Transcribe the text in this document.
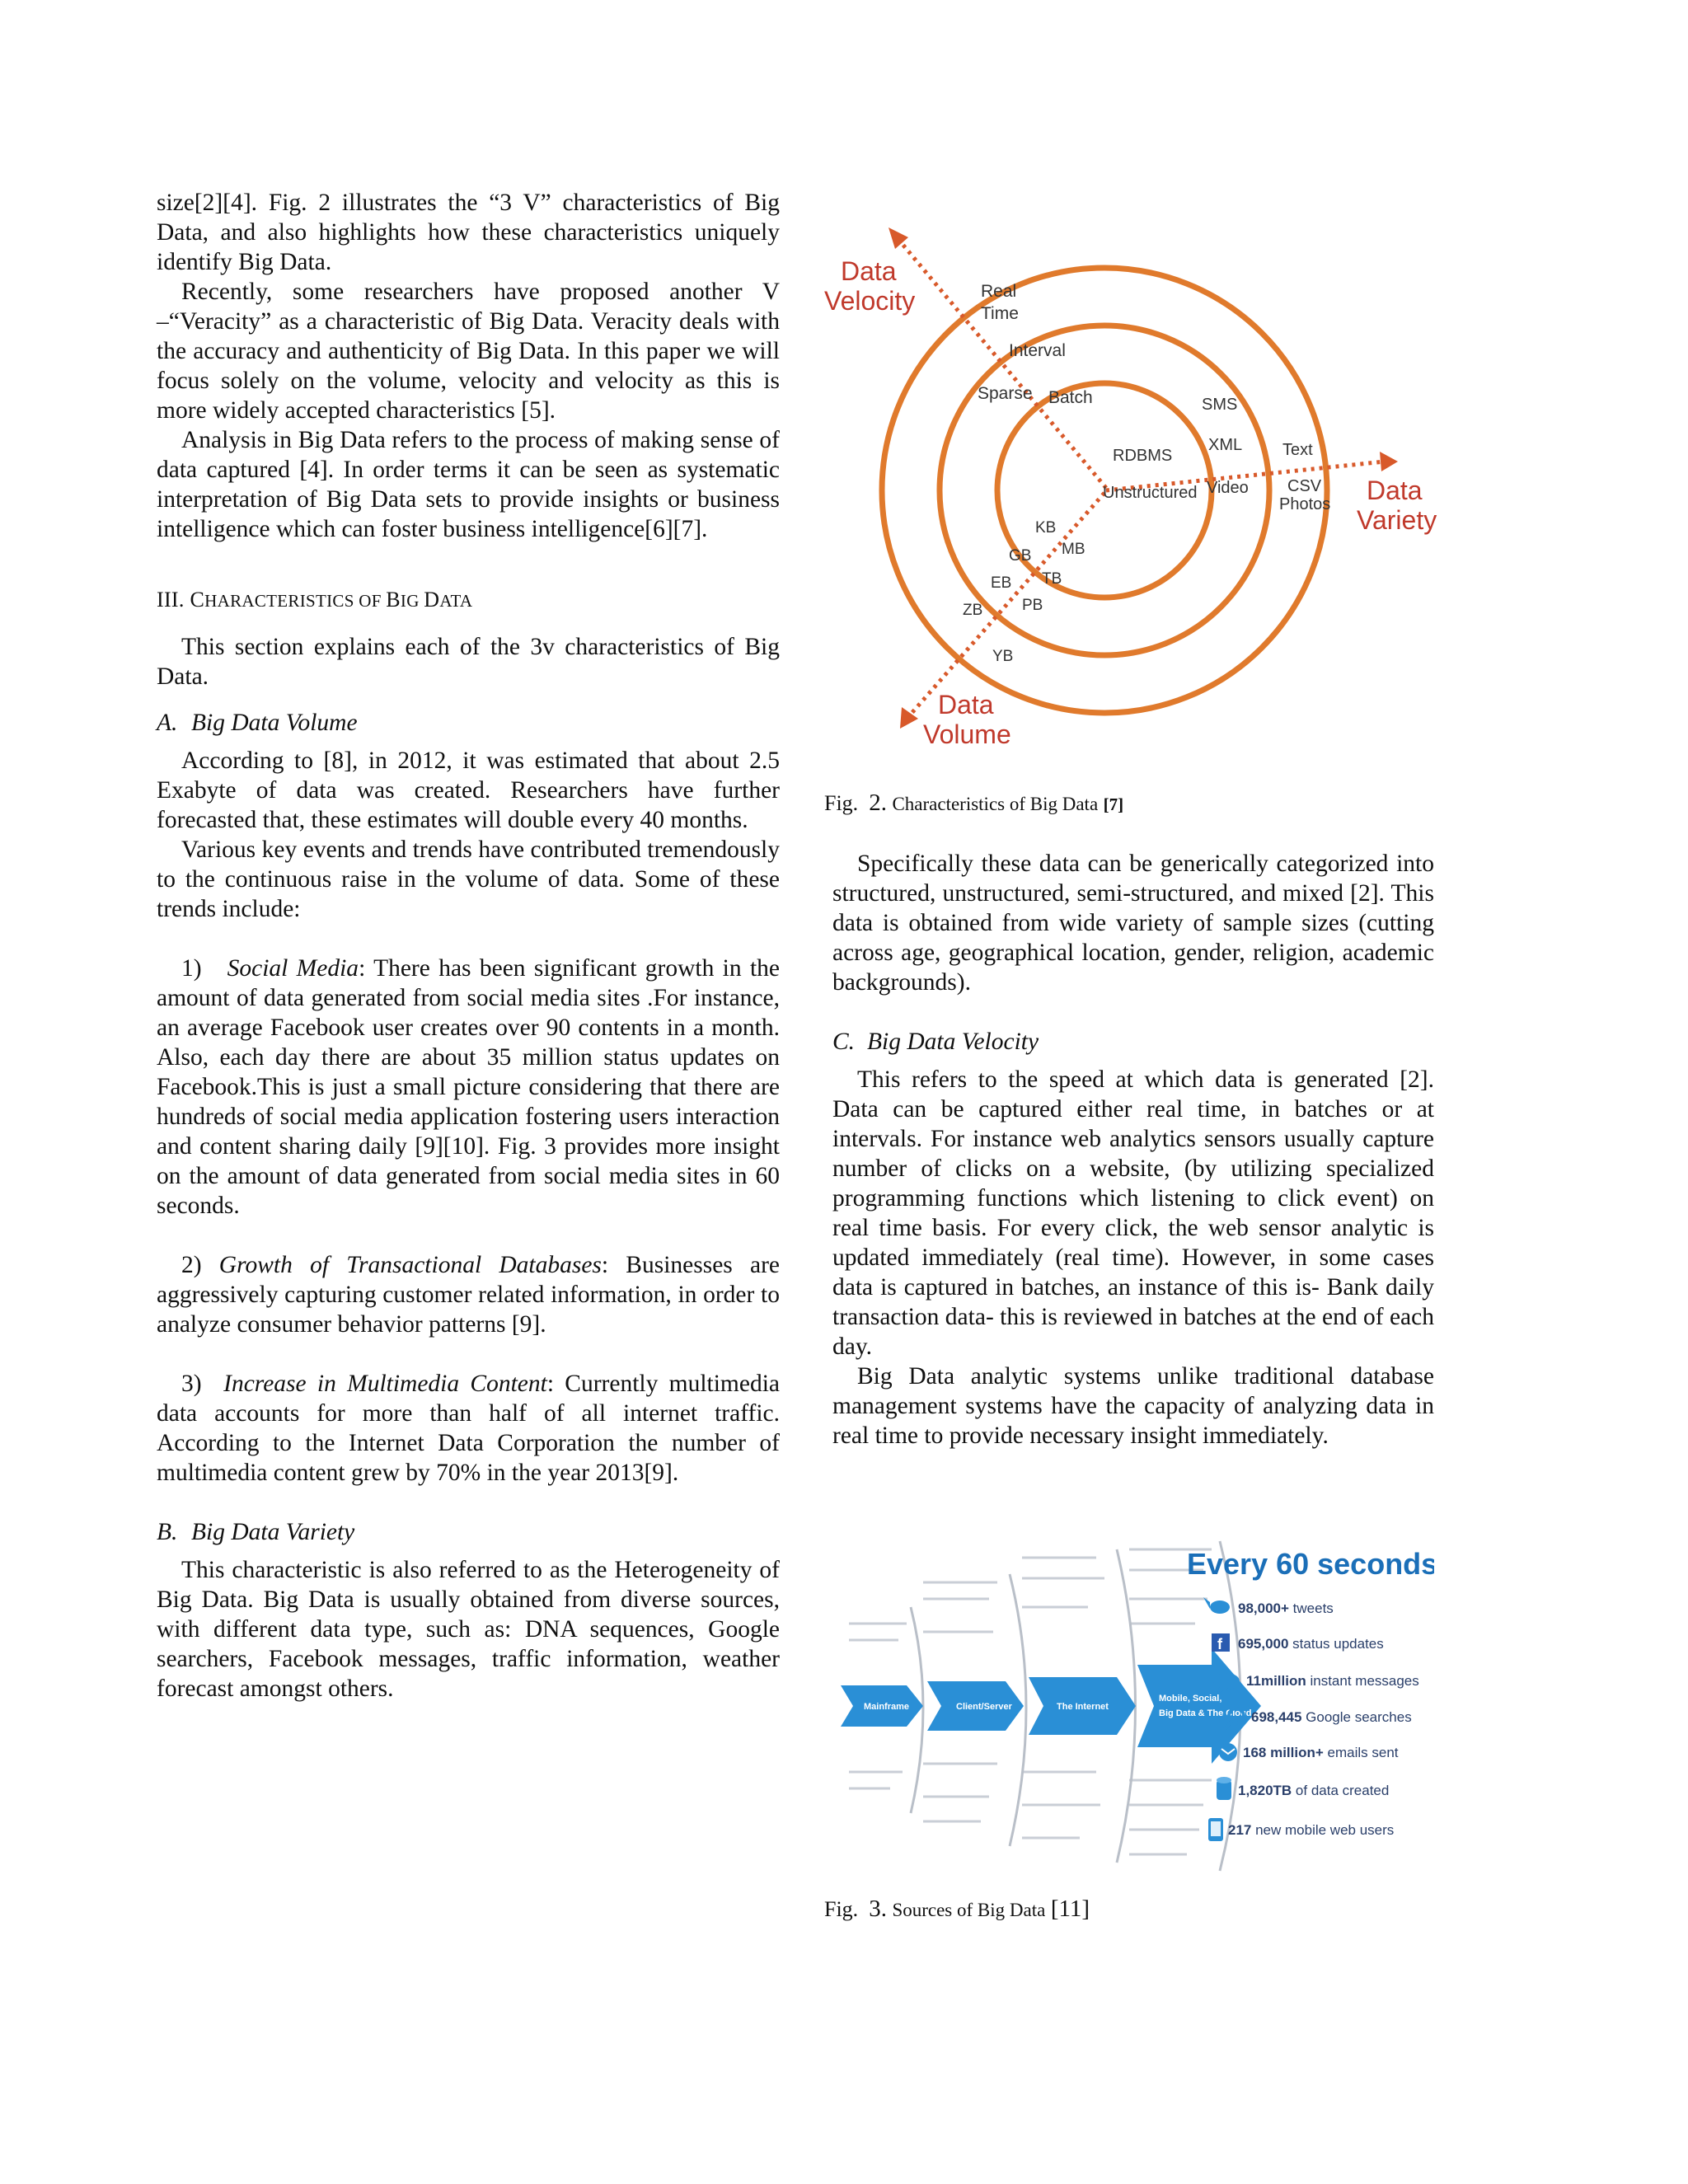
size[2][4]. Fig. 2 illustrates the “3 V” characteristics of Big Data, and also highlights how these characteristics uniquely identify Big Data.

Recently, some researchers have proposed another V –“Veracity” as a characteristic of Big Data. Veracity deals with the accuracy and authenticity of Big Data. In this paper we will focus solely on the volume, velocity and velocity as this is more widely accepted characteristics [5].

Analysis in Big Data refers to the process of making sense of data captured [4]. In order terms it can be seen as systematic interpretation of Big Data sets to provide insights or business intelligence which can foster business intelligence[6][7].

III. CHARACTERISTICS OF BIG DATA

This section explains each of the 3v characteristics of Big Data.

A. Big Data Volume

According to [8], in 2012, it was estimated that about 2.5 Exabyte of data was created. Researchers have further forecasted that, these estimates will double every 40 months.

Various key events and trends have contributed tremendously to the continuous raise in the volume of data. Some of these trends include:

1) Social Media: There has been significant growth in the amount of data generated from social media sites .For instance, an average Facebook user creates over 90 contents in a month. Also, each day there are about 35 million status updates on Facebook.This is just a small picture considering that there are hundreds of social media application fostering users interaction and content sharing daily [9][10]. Fig. 3 provides more insight on the amount of data generated from social media sites in 60 seconds.

2) Growth of Transactional Databases: Businesses are aggressively capturing customer related information, in order to analyze consumer behavior patterns [9].

3) Increase in Multimedia Content: Currently multimedia data accounts for more than half of all internet traffic. According to the Internet Data Corporation the number of multimedia content grew by 70% in the year 2013[9].

B. Big Data Variety

This characteristic is also referred to as the Heterogeneity of Big Data. Big Data is usually obtained from diverse sources, with different data type, such as: DNA sequences, Google searchers, Facebook messages, traffic information, weather forecast amongst others.

Data
Velocity
Data
Variety
Data
Volume
Real
Time
Interval
Sparse Batch
RDBMS
Unstructured
SMS
XML
Video
Text
CSV
Photos
KB
MB
GB
TB
EB
PB
ZB
YB
Fig. 2. Characteristics of Big Data [7]

Specifically these data can be generically categorized into structured, unstructured, semi-structured, and mixed [2]. This data is obtained from wide variety of sample sizes (cutting across age, geographical location, gender, religion, academic backgrounds).

C. Big Data Velocity

This refers to the speed at which data is generated [2]. Data can be captured either real time, in batches or at intervals. For instance web analytics sensors usually capture number of clicks on a website, (by utilizing specialized programming functions which listening to click event) on real time basis. For every click, the web sensor analytic is updated immediately (real time). However, in some cases data is captured in batches, an instance of this is- Bank daily transaction data- this is reviewed in batches at the end of each day.

Big Data analytic systems unlike traditional database management systems have the capacity of analyzing data in real time to provide necessary insight immediately.

Mainframe	Client/Server	The Internet
Mobile, Social,
Big Data & The Cloud
Every 60 seconds
98,000+ tweets
f 695,000 status updates
11million instant messages
698,445 Google searches
168 million+ emails sent
1,820TB of data created
217 new mobile web users
Fig. 3. Sources of Big Data [11]
